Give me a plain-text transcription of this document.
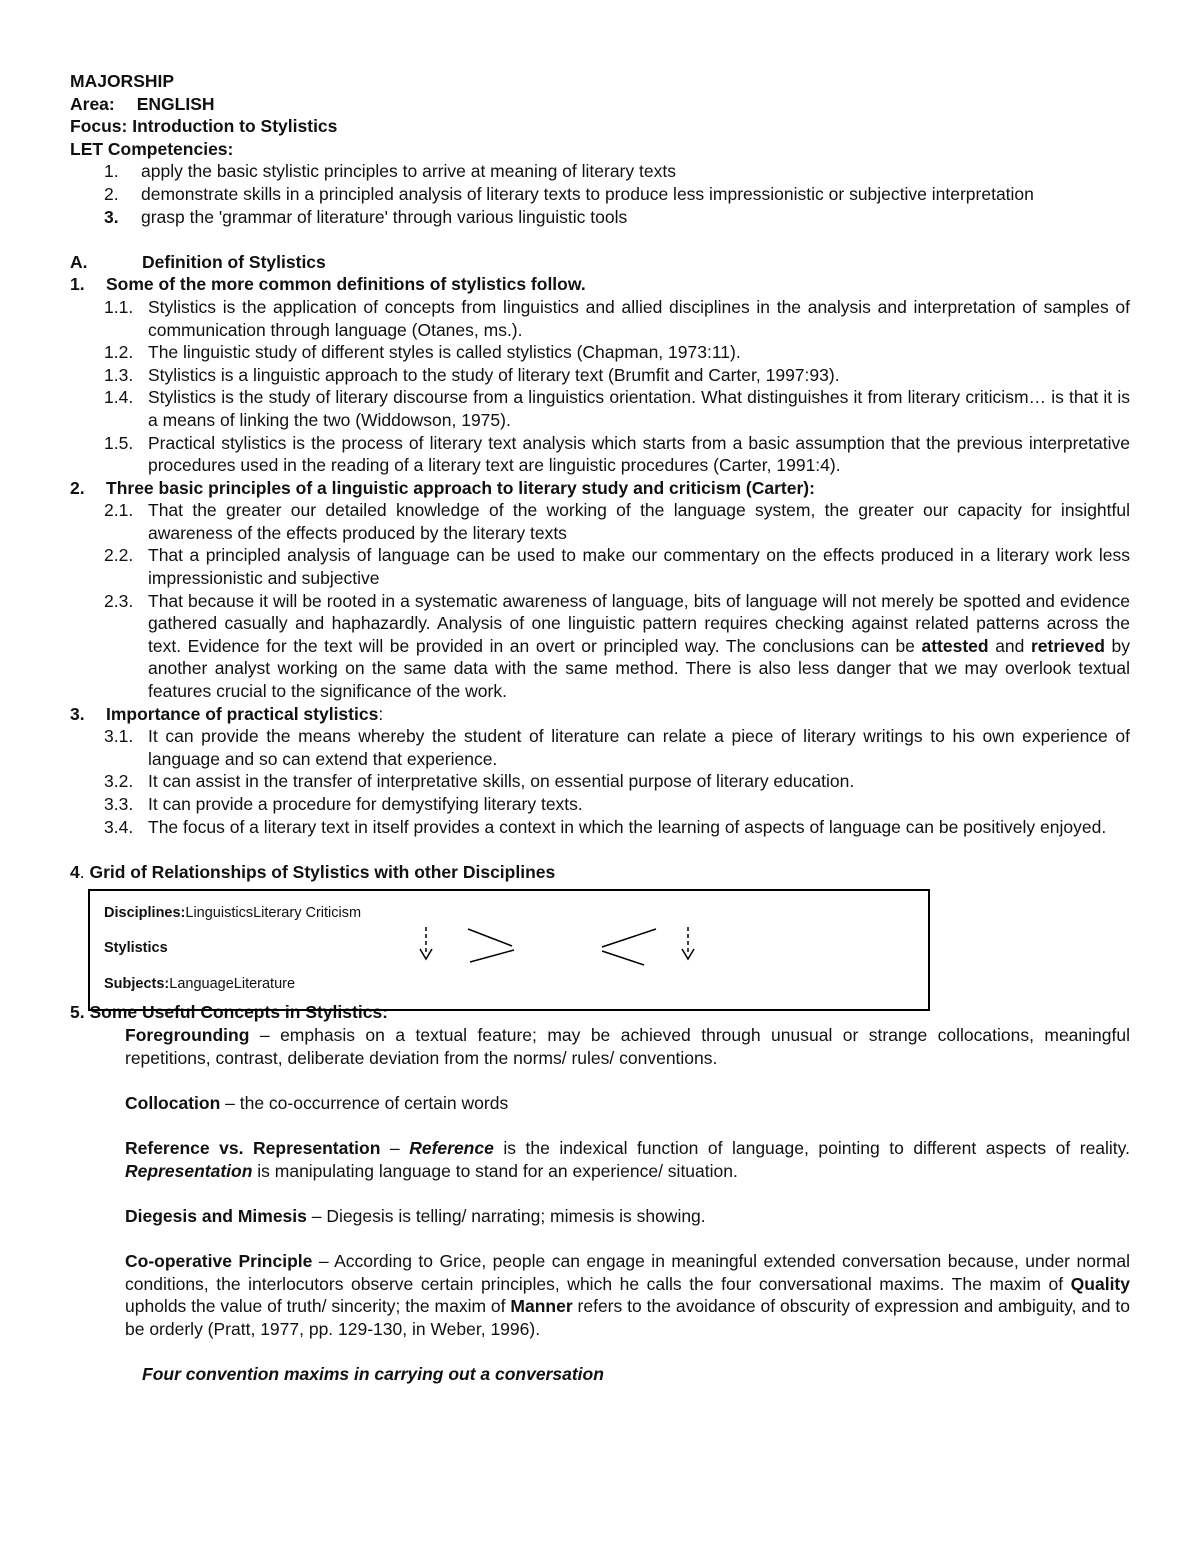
MAJORSHIP

Area: ENGLISH

Focus: Introduction to Stylistics

LET Competencies:

1.	apply the basic stylistic principles to arrive at meaning of literary texts
2.	demonstrate skills in a principled analysis of literary texts to produce less impressionistic or subjective interpretation
3.	grasp the 'grammar of literature' through various linguistic tools
A.	Definition of Stylistics
1.	Some of the more common definitions of stylistics follow.
1.1. Stylistics is the application of concepts from linguistics and allied disciplines in the analysis and interpretation of samples of communication through language (Otanes, ms.).
1.2. The linguistic study of different styles is called stylistics (Chapman, 1973:11).
1.3. Stylistics is a linguistic approach to the study of literary text (Brumfit and Carter, 1997:93).
1.4. Stylistics is the study of literary discourse from a linguistics orientation. What distinguishes it from literary criticism… is that it is a means of linking the two (Widdowson, 1975).
1.5. Practical stylistics is the process of literary text analysis which starts from a basic assumption that the previous interpretative procedures used in the reading of a literary text are linguistic procedures (Carter, 1991:4).
2.	Three basic principles of a linguistic approach to literary study and criticism (Carter):
2.1. That the greater our detailed knowledge of the working of the language system, the greater our capacity for insightful awareness of the effects produced by the literary texts
2.2. That a principled analysis of language can be used to make our commentary on the effects produced in a literary work less impressionistic and subjective
2.3. That because it will be rooted in a systematic awareness of language, bits of language will not merely be spotted and evidence gathered casually and haphazardly. Analysis of one linguistic pattern requires checking against related patterns across the text. Evidence for the text will be provided in an overt or principled way. The conclusions can be attested and retrieved by another analyst working on the same data with the same method. There is also less danger that we may overlook textual features crucial to the significance of the work.
3.	Importance of practical stylistics:
3.1. It can provide the means whereby the student of literature can relate a piece of literary writings to his own experience of language and so can extend that experience.
3.2. It can assist in the transfer of interpretative skills, on essential purpose of literary education.
3.3. It can provide a procedure for demystifying literary texts.
3.4. The focus of a literary text in itself provides a context in which the learning of aspects of language can be positively enjoyed.

4. Grid of Relationships of Stylistics with other Disciplines

Disciplines:LinguisticsLiterary Criticism
Stylistics
Subjects:LanguageLiterature

5. Some Useful Concepts in Stylistics:

Foregrounding – emphasis on a textual feature; may be achieved through unusual or strange collocations, meaningful repetitions, contrast, deliberate deviation from the norms/ rules/ conventions.
Collocation – the co-occurrence of certain words
Reference vs. Representation – Reference is the indexical function of language, pointing to different aspects of reality. Representation is manipulating language to stand for an experience/ situation.
Diegesis and Mimesis – Diegesis is telling/ narrating; mimesis is showing.
Co-operative Principle – According to Grice, people can engage in meaningful extended conversation because, under normal conditions, the interlocutors observe certain principles, which he calls the four conversational maxims. The maxim of Quality upholds the value of truth/ sincerity; the maxim of Manner refers to the avoidance of obscurity of expression and ambiguity, and to be orderly (Pratt, 1977, pp. 129-130, in Weber, 1996).

Four convention maxims in carrying out a conversation
